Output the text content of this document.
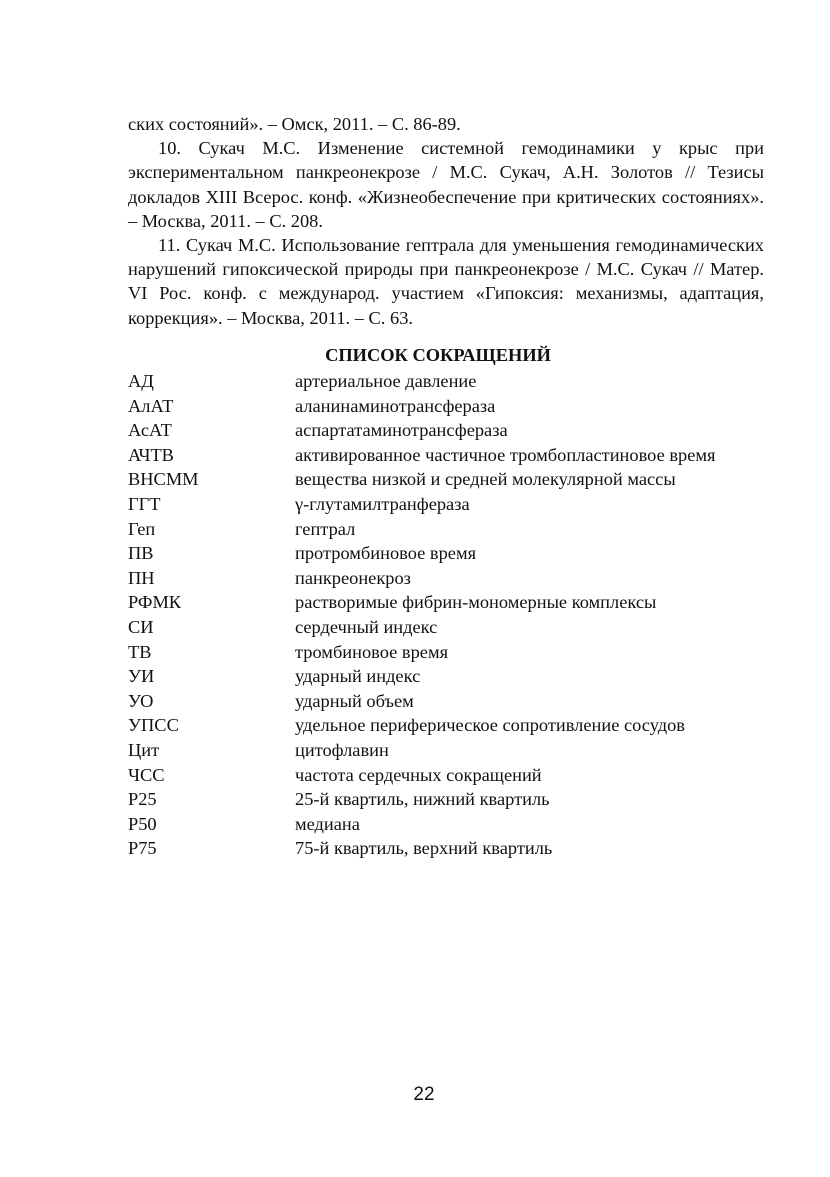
ских состояний». – Омск, 2011. – С. 86-89.

10. Сукач М.С. Изменение системной гемодинамики у крыс при экспериментальном панкреонекрозе / М.С. Сукач, А.Н. Золотов // Тезисы докладов XIII Всерос. конф. «Жизнеобеспечение при критических состояниях». – Москва, 2011. – С. 208.

11. Сукач М.С. Использование гептрала для уменьшения гемодинамических нарушений гипоксической природы при панкреонекрозе / М.С. Сукач // Матер. VI Рос. конф. с международ. участием «Гипоксия: механизмы, адаптация, коррекция». – Москва, 2011. – С. 63.

СПИСОК СОКРАЩЕНИЙ
АД	артериальное давление
АлАТ	аланинаминотрансфераза
АсАТ	аспартатаминотрансфераза
АЧТВ	активированное частичное тромбопластиновое время
ВНСММ	вещества низкой и средней молекулярной массы
ГГТ	γ-глутамилтранфераза
Геп	гептрал
ПВ	протромбиновое время
ПН	панкреонекроз
РФМК	растворимые фибрин-мономерные комплексы
СИ	сердечный индекс
ТВ	тромбиновое время
УИ	ударный индекс
УО	ударный объем
УПСС	удельное периферическое сопротивление сосудов
Цит	цитофлавин
ЧСС	частота сердечных сокращений
P25	25-й квартиль, нижний квартиль
P50	медиана
P75	75-й квартиль, верхний квартиль
22
